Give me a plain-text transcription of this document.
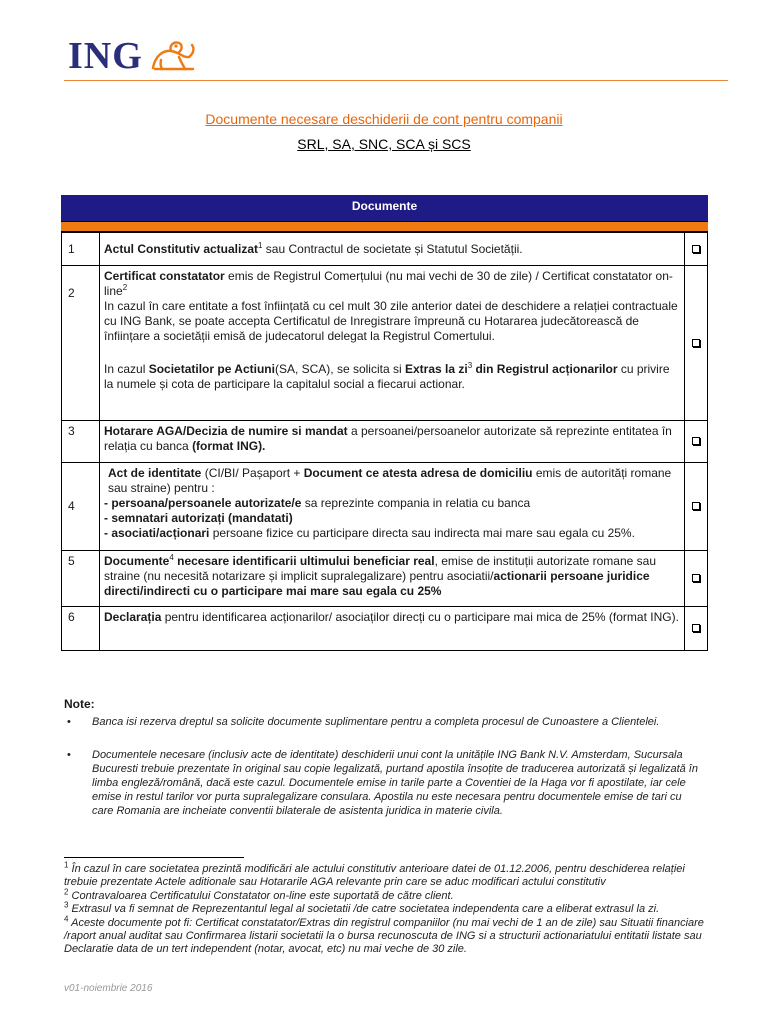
ING
Documente necesare deschiderii de cont pentru companii
SRL, SA, SNC, SCA și SCS
Documente
1	Actul Constitutiv actualizat$^1$ sau Contractul de societate și Statutul Societății.	
2	Certificat constatator emis de Registrul Comerțului (nu mai vechi de 30 de zile) / Certificat constatator on-line$^2$
In cazul în care entitate a fost înființată cu cel mult 30 zile anterior datei de deschidere a relației contractuale cu ING Bank, se poate accepta Certificatul de Inregistrare împreună cu Hotararea judecătorească de înființare a societății emisă de judecatorul delegat la Registrul Comertului.
In cazul Societatilor pe Actiuni(SA, SCA), se solicita si Extras la $zi^3$ din Registrul acționarilor cu privire la numele și cota de participare la capitalul social a fiecarui actionar.	

3	Hotarare AGA/Decizia de numire si mandat a persoanei/persoanelor autorizate să reprezinte entitatea în relația cu banca (format ING).	
4	Act de identitate (CI/BI/ Pașaport + Document ce atesta adresa de domiciliu emis de autorități romane sau straine) pentru :
- persoana/persoanele autorizate/e sa reprezinte compania in relatia cu banca
- semnatari autorizați (mandatati)
- asociati/acționari persoane fizice cu participare directa sau indirecta mai mare sau egala cu 25%.	

5	Documente$^4$ necesare identificarii ultimului beneficiar real, emise de instituții autorizate romane sau straine (nu necesită notarizare și implicit supralegalizare) pentru asociatii/actionarii persoane juridice directi/indirecti cu o participare mai mare sau egala cu 25%	
6	Declarația pentru identificarea acționarilor/ asociaților direcți cu o participare mai mica de 25% (format ING).	
Note:
• Banca isi rezerva dreptul sa solicite documente suplimentare pentru a completa procesul de Cunoastere a Clientelei.
• Documentele necesare (inclusiv acte de identitate) deschiderii unui cont la unitățile ING Bank N.V. Amsterdam, Sucursala Bucuresti trebuie prezentate în original sau copie legalizată, purtand apostila însoțite de traducerea autorizată și legalizată în limba engleză/română, dacă este cazul. Documentele emise in tarile parte a Coventiei de la Haga vor fi apostilate, iar cele emise in restul tarilor vor purta supralegalizare consulara. Apostila nu este necesara pentru documentele emise de tari cu care Romania are incheiate conventii bilaterale de asistenta juridica in materie civila.
$^1$ În cazul în care societatea prezintă modificări ale actului constitutiv anterioare datei de 01.12.2006, pentru deschiderea relației trebuie prezentate Actele aditionale sau Hotararile AGA relevante prin care se aduc modificari actului constitutiv
$^2$ Contravaloarea Certificatului Constatator on-line este suportată de către client.
$^3$ Extrasul va fi semnat de Reprezentantul legal al societatii /de catre societatea independenta care a eliberat extrasul la zi.
$^4$ Aceste documente pot fi: Certificat constatator/Extras din registrul companiilor (nu mai vechi de 1 an de zile) sau Situatii financiare /raport anual auditat sau Confirmarea listarii societatii la o bursa recunoscuta de ING si a structurii actionariatului entitatii listate sau Declaratie data de un tert independent (notar, avocat, etc) nu mai veche de 30 zile.
v01-noiembrie 2016
